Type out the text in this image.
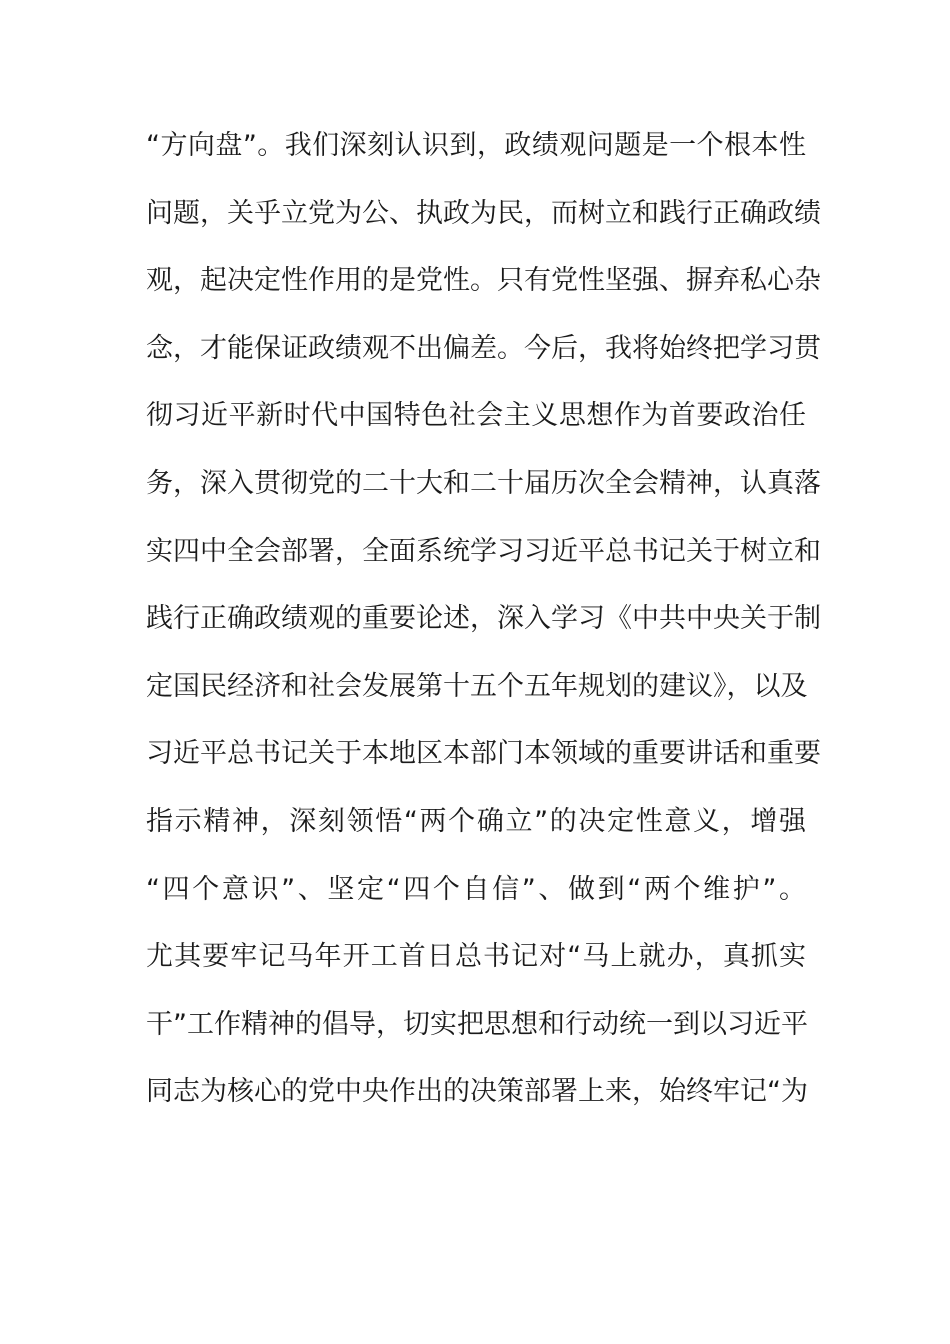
“方向盘”。我们深刻认识到，政绩观问题是一个根本性
问题，关乎立党为公、执政为民，而树立和践行正确政绩
观，起决定性作用的是党性。只有党性坚强、摒弃私心杂
念，才能保证政绩观不出偏差。今后，我将始终把学习贯
彻习近平新时代中国特色社会主义思想作为首要政治任
务，深入贯彻党的二十大和二十届历次全会精神，认真落
实四中全会部署，全面系统学习习近平总书记关于树立和
践行正确政绩观的重要论述，深入学习《中共中央关于制
定国民经济和社会发展第十五个五年规划的建议》，以及
习近平总书记关于本地区本部门本领域的重要讲话和重要
指示精神，深刻领悟“两个确立”的决定性意义，增强
“四个意识”、坚定“四个自信”、做到“两个维护”。
尤其要牢记马年开工首日总书记对“马上就办，真抓实
干”工作精神的倡导，切实把思想和行动统一到以习近平
同志为核心的党中央作出的决策部署上来，始终牢记“为
